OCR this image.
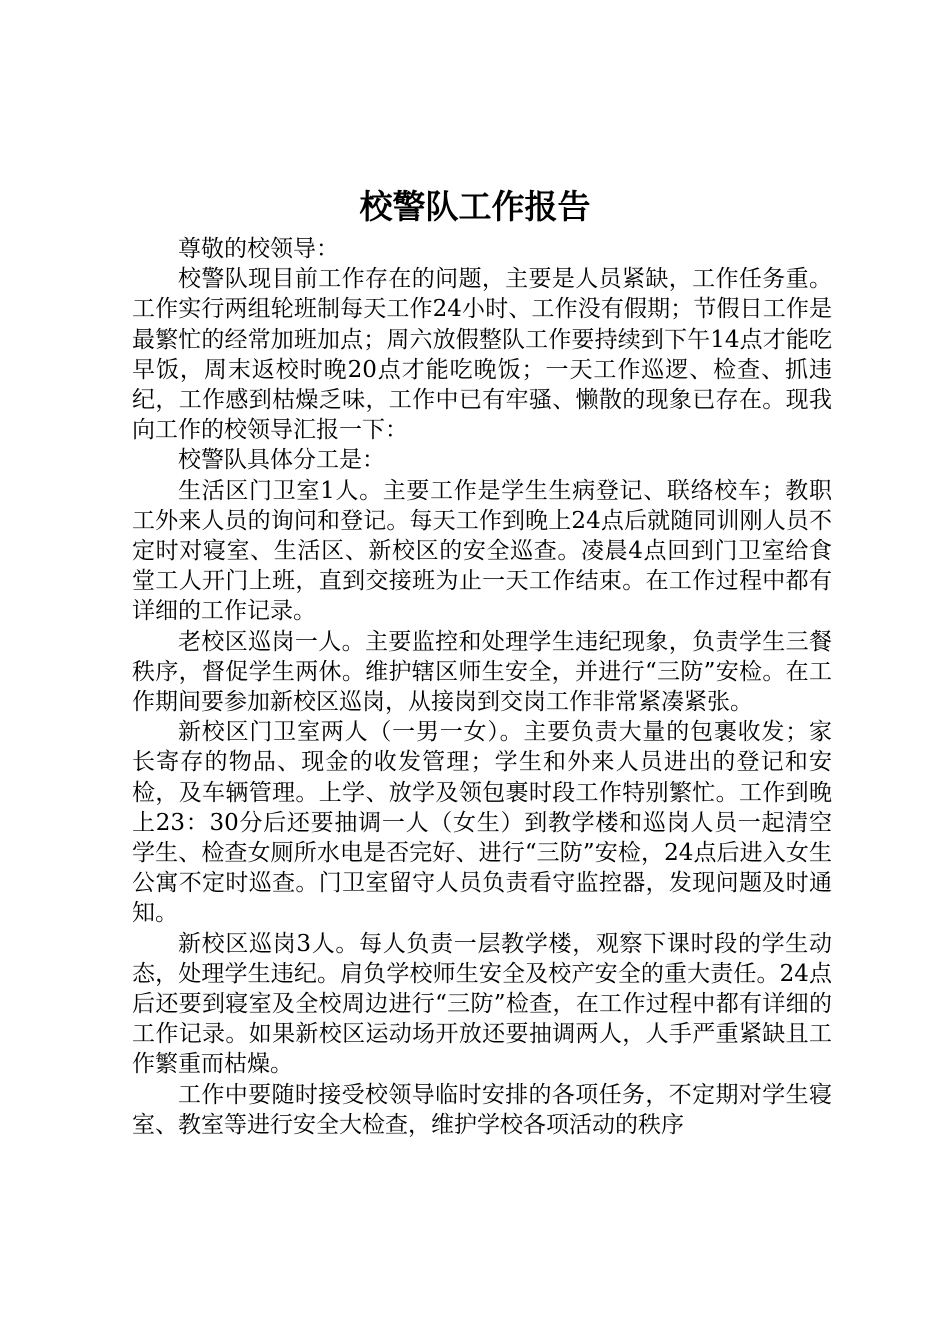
校警队工作报告

尊敬的校领导：

校警队现目前工作存在的问题，主要是人员紧缺，工作任务重。工作实行两组轮班制每天工作24小时、工作没有假期；节假日工作是最繁忙的经常加班加点；周六放假整队工作要持续到下午14点才能吃早饭，周末返校时晚20点才能吃晚饭；一天工作巡逻、检查、抓违纪，工作感到枯燥乏味，工作中已有牢骚、懒散的现象已存在。现我向工作的校领导汇报一下：

校警队具体分工是：

生活区门卫室1人。主要工作是学生生病登记、联络校车；教职工外来人员的询问和登记。每天工作到晚上24点后就随同训刚人员不定时对寝室、生活区、新校区的安全巡查。凌晨4点回到门卫室给食堂工人开门上班，直到交接班为止一天工作结束。在工作过程中都有详细的工作记录。

老校区巡岗一人。主要监控和处理学生违纪现象，负责学生三餐秩序，督促学生两休。维护辖区师生安全，并进行“三防”安检。在工作期间要参加新校区巡岗，从接岗到交岗工作非常紧凑紧张。

新校区门卫室两人（一男一女）。主要负责大量的包裹收发；家长寄存的物品、现金的收发管理；学生和外来人员进出的登记和安检，及车辆管理。上学、放学及领包裹时段工作特别繁忙。工作到晚上23：30分后还要抽调一人（女生）到教学楼和巡岗人员一起清空学生、检查女厕所水电是否完好、进行“三防”安检，24点后进入女生公寓不定时巡查。门卫室留守人员负责看守监控器，发现问题及时通知。

新校区巡岗3人。每人负责一层教学楼，观察下课时段的学生动态，处理学生违纪。肩负学校师生安全及校产安全的重大责任。24点后还要到寝室及全校周边进行“三防”检查，在工作过程中都有详细的工作记录。如果新校区运动场开放还要抽调两人，人手严重紧缺且工作繁重而枯燥。

工作中要随时接受校领导临时安排的各项任务，不定期对学生寝室、教室等进行安全大检查，维护学校各项活动的秩序
